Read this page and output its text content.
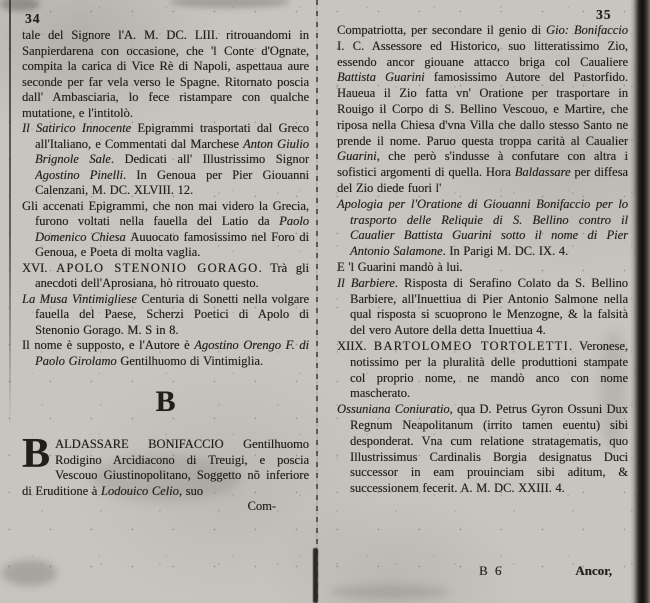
34	35
tale del Signore l'A. M. DC. LIII. ritrouandomi in Sanpierdarena con occasione, che 'l Conte d'Ognate, compita la carica di Vice Rè di Napoli, aspettaua aure seconde per far vela verso le Spagne. Ritornato poscia dall' Ambasciaria, lo fece ristampare con qualche mutatione, e l'intitolò.
Il Satirico Innocente Epigrammi trasportati dal Greco all'Italiano, e Commentati dal Marchese Anton Giulio Brignole Sale. Dedicati all' Illustrissimo Signor Agostino Pinelli. In Genoua per Pier Giouanni Calenzani, M. DC. XLVIII. 12.
Gli accenati Epigrammi, che non mai videro la Grecia, furono voltati nella fauella del Latio da Paolo Domenico Chiesa Auuocato famosissimo nel Foro di Genoua, e Poeta di molta vaglia.
XVI. APOLO STENONIO GORAGO. Trà gli anecdoti dell'Aprosiana, hò ritrouato questo.
La Musa Vintimigliese Centuria di Sonetti nella volgare fauella del Paese, Scherzi Poetici di Apolo di Stenonio Gorago. M. S in 8.
Il nome è supposto, e l'Autore è Agostino Orengo F. di Paolo Girolamo Gentilhuomo di Vintimiglia.
B
BALDASSARE BONIFACCIO Gentilhuomo Rodigino Arcidiacono di Treuigi, e poscia Vescouo Giustinopolitano, Soggetto nõ inferiore di Eruditione à Lodouico Celio, suo
Com-
Compatriotta, per secondare il genio di Gio: Bonifaccio I. C. Assessore ed Historico, suo litteratissimo Zio, essendo ancor giouane attacco briga col Caualiere Battista Guarini famosissimo Autore del Pastorfido. Haueua il Zio fatta vn' Oratione per trasportare in Rouigo il Corpo di S. Bellino Vescouo, e Martire, che riposa nella Chiesa d'vna Villa che dallo stesso Santo ne prende il nome. Paruo questa troppa carità al Caualier Guarini, che però s'indusse à confutare con altra i sofistici argomenti di quella. Hora Baldassare per diffesa del Zio diede fuori l'
Apologia per l'Oratione di Giouanni Bonifaccio per lo trasporto delle Reliquie di S. Bellino contro il Caualier Battista Guarini sotto il nome di Pier Antonio Salamone. In Parigi M. DC. IX. 4.
E 'l Guarini mandò à lui.
Il Barbiere. Risposta di Serafino Colato da S. Bellino Barbiere, all'Inuettiua di Pier Antonio Salmone nella qual risposta si scuoprono le Menzogne, & la falsità del vero Autore della detta Inuettiua 4.
XIIX. BARTOLOMEO TORTOLETTI. Veronese, notissimo per la pluralità delle produttioni stampate col proprio nome, ne mandò anco con nome mascherato.
Ossuniana Coniuratio, qua D. Petrus Gyron Ossuni Dux Regnum Neapolitanum (irrito tamen euentu) sibi desponderat. Vna cum relatione stratagematis, quo Illustrissimus Cardinalis Borgia designatus Duci successor in eam prouinciam sibi aditum, & successionem fecerit. A. M. DC. XXIII. 4.
B 6	Ancor,
